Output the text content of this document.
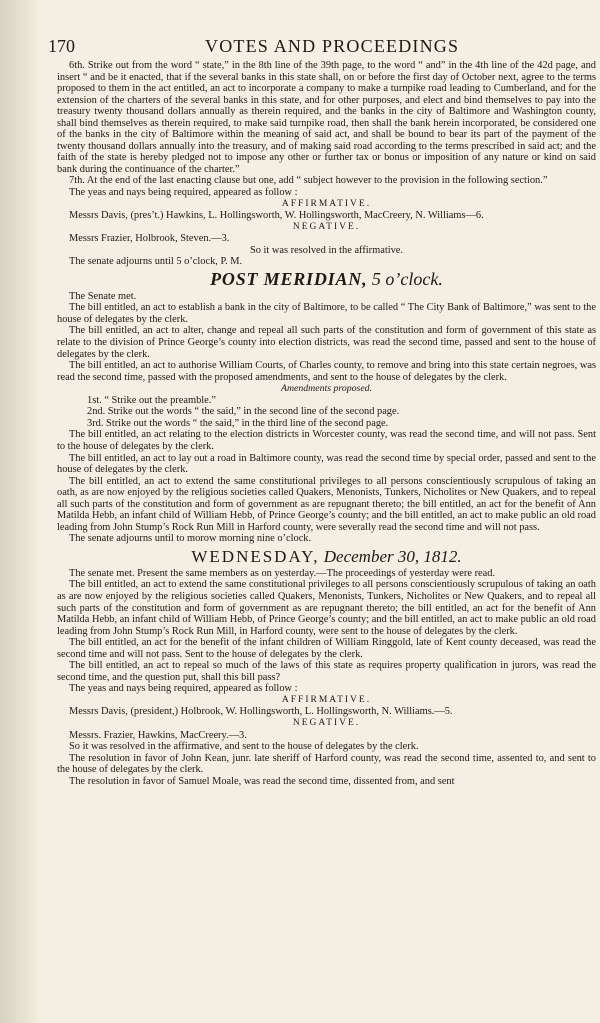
170	VOTES AND PROCEEDINGS

6th. Strike out from the word “ state,” in the 8th line of the 39th page, to the word “ and” in the 4th line of the 42d page, and insert “ and be it enacted, that if the several banks in this state shall, on or before the first day of October next, agree to the terms proposed to them in the act entitled, an act to incorporate a company to make a turnpike road leading to Cumberland, and for the extension of the charters of the several banks in this state, and for other purposes, and elect and bind themselves to pay into the treasury twenty thousand dollars annually as therein required, and the banks in the city of Baltimore and Washington county, shall bind themselves as therein required, to make said turnpike road, then shall the bank herein incorporated, be considered one of the banks in the city of Baltimore within the meaning of said act, and shall be bound to bear its part of the payment of the twenty thousand dollars annually into the treasury, and of making said road according to the terms prescribed in said act; and the faith of the state is hereby pledged not to impose any other or further tax or bonus or imposition of any nature or kind on said bank during the continuance of the charter.”

7th. At the end of the last enacting clause but one, add “ subject however to the provision in the following section.”

The yeas and nays being required, appeared as follow :

AFFIRMATIVE.

Messrs Davis, (pres’t.) Hawkins, L. Hollingsworth, W. Hollingsworth, MacCreery, N. Williams—6.

NEGATIVE.

Messrs Frazier, Holbrook, Steven.—3.

So it was resolved in the affirmative.

The senate adjourns until 5 o’clock, P. M.

POST MERIDIAN, 5 o’clock.

The Senate met.

The bill entitled, an act to establish a bank in the city of Baltimore, to be called “ The City Bank of Baltimore,” was sent to the house of delegates by the clerk.

The bill entitled, an act to alter, change and repeal all such parts of the constitution and form of government of this state as relate to the division of Prince George’s county into election districts, was read the second time, passed and sent to the house of delegates by the clerk.

The bill entitled, an act to authorise William Courts, of Charles county, to remove and bring into this state certain negroes, was read the second time, passed with the proposed amendments, and sent to the house of delegates by the clerk.

Amendments proposed.

1st. “ Strike out the preamble.”

2nd. Strike out the words “ the said,” in the second line of the second page.

3rd. Strike out the words “ the said,” in the third line of the second page.

The bill entitled, an act relating to the election districts in Worcester county, was read the second time, and will not pass. Sent to the house of delegates by the clerk.

The bill entitled, an act to lay out a road in Baltimore county, was read the second time by special order, passed and sent to the house of delegates by the clerk.

The bill entitled, an act to extend the same constitutional privileges to all persons conscientiously scrupulous of taking an oath, as are now enjoyed by the religious societies called Quakers, Menonists, Tunkers, Nicholites or New Quakers, and to repeal all such parts of the constitution and form of government as are repugnant thereto; the bill entitled, an act for the benefit of Ann Matilda Hebb, an infant child of William Hebb, of Prince George’s county; and the bill entitled, an act to make public an old road leading from John Stump’s Rock Run Mill in Harford county, were severally read the second time and will not pass.

The senate adjourns until to morow morning nine o’clock.

WEDNESDAY, December 30, 1812.

The senate met. Present the same members as on yesterday.—The proceedings of yesterday were read.

The bill entitled, an act to extend the same constitutional privileges to all persons conscientiously scrupulous of taking an oath as are now enjoyed by the religious societies called Quakers, Menonists, Tunkers, Nicholites or New Quakers, and to repeal all such parts of the constitution and form of government as are repugnant thereto; the bill entitled, an act for the benefit of Ann Matilda Hebb, an infant child of William Hebb, of Prince George’s county; and the bill entitled, an act to make public an old road leading from John Stump’s Rock Run Mill, in Harford county, were sent to the house of delegates by the clerk.

The bill entitled, an act for the benefit of the infant children of William Ringgold, late of Kent county deceased, was read the second time and will not pass. Sent to the house of delegates by the clerk.

The bill entitled, an act to repeal so much of the laws of this state as requires property qualification in jurors, was read the second time, and the question put, shall this bill pass?

The yeas and nays being required, appeared as follow :

AFFIRMATIVE.

Messrs Davis, (president,) Holbrook, W. Hollingsworth, L. Hollingsworth, N. Williams.—5.

NEGATIVE.

Messrs. Frazier, Hawkins, MacCreery.—3.

So it was resolved in the affirmative, and sent to the house of delegates by the clerk.

The resolution in favor of John Kean, junr. late sheriff of Harford county, was read the second time, assented to, and sent to the house of delegates by the clerk.

The resolution in favor of Samuel Moale, was read the second time, dissented from, and sent
